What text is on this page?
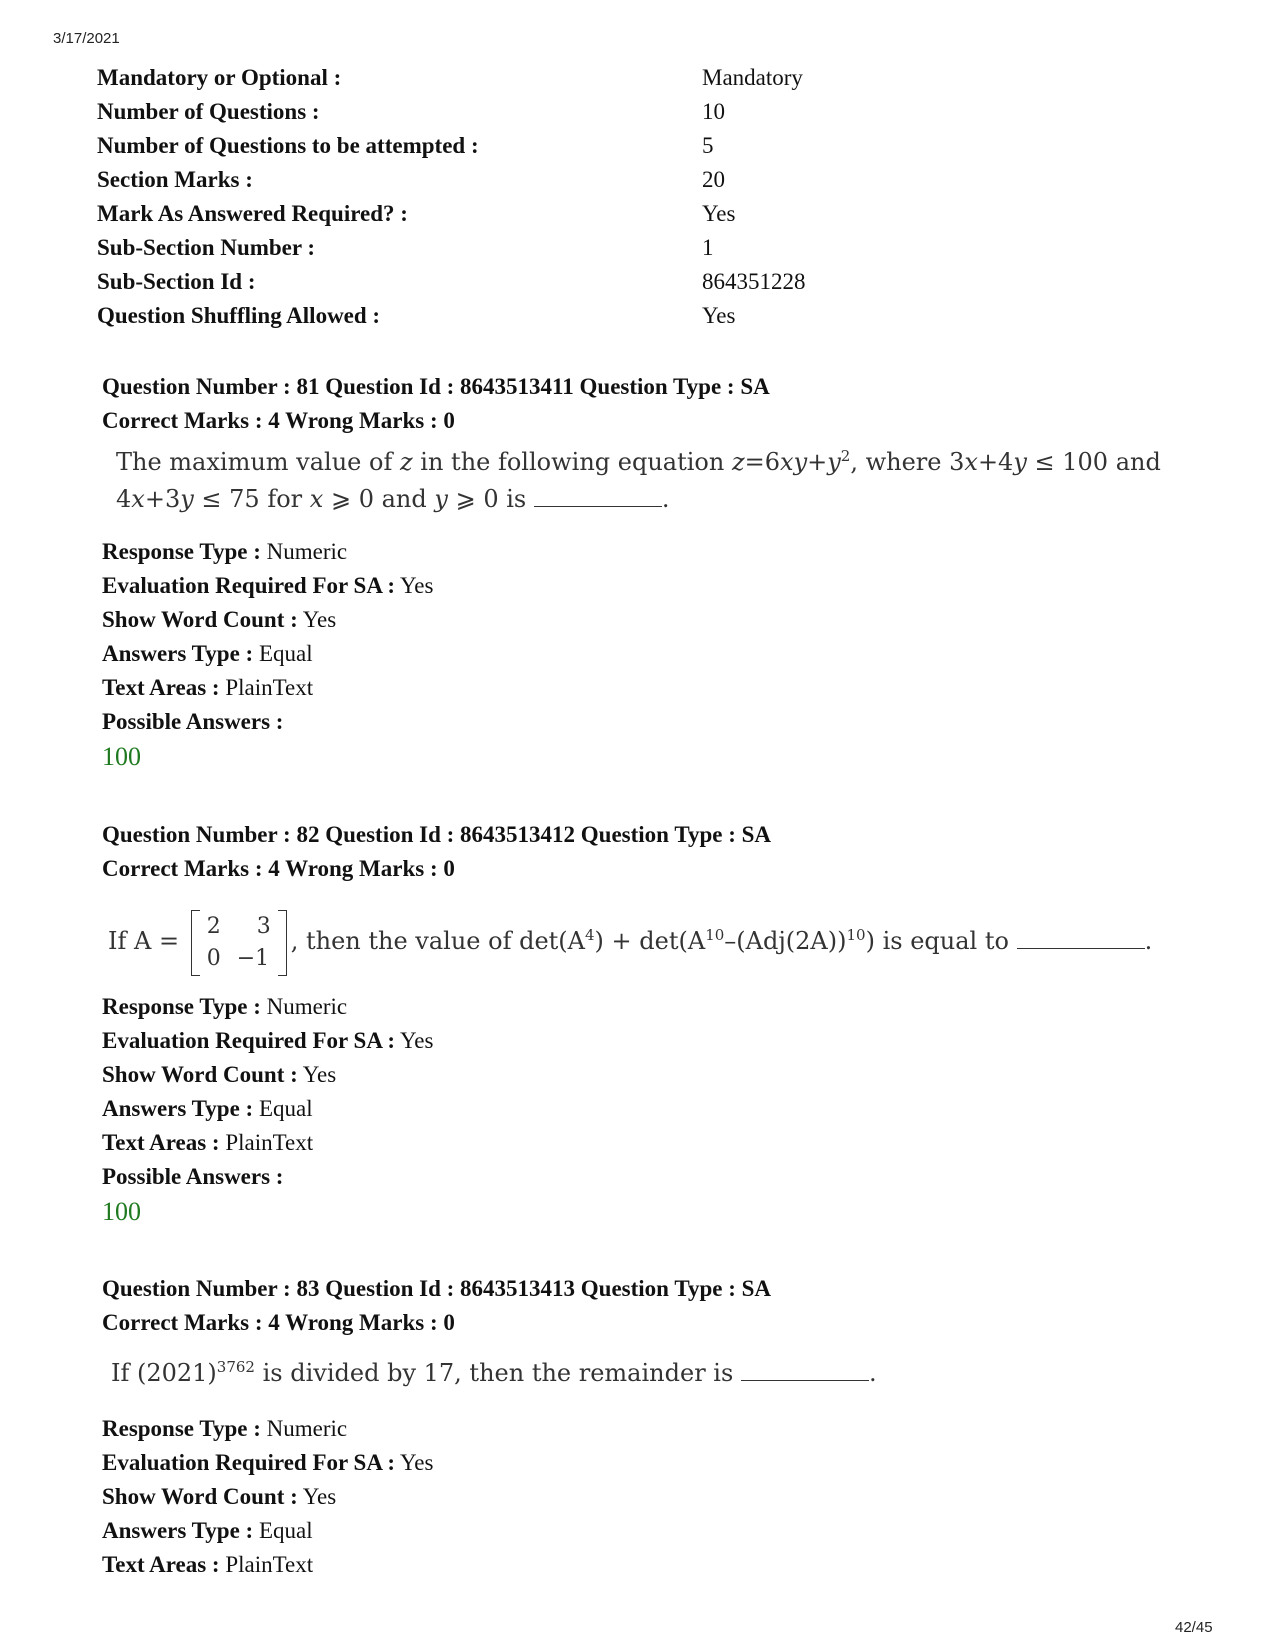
3/17/2021
Mandatory or Optional :	Mandatory
Number of Questions :	10
Number of Questions to be attempted :	5
Section Marks :	20
Mark As Answered Required? :	Yes
Sub-Section Number :	1
Sub-Section Id :	864351228
Question Shuffling Allowed :	Yes
Question Number : 81 Question Id : 8643513411 Question Type : SA
Correct Marks : 4 Wrong Marks : 0
The maximum value of z in the following equation $z=6xy+y^2$, where 3x+4y ≤ 100 and
4x+3y ≤ 75 for x ⩾ 0 and y ⩾ 0 is	.
Response Type : Numeric
Evaluation Required For SA : Yes
Show Word Count : Yes
Answers Type : Equal
Text Areas : PlainText
Possible Answers :
100
Question Number : 82 Question Id : 8643513412 Question Type : SA
Correct Marks : 4 Wrong Marks : 0
If A =
2 3
0 −1
, then the value of $\det(A^4) + \det(A^{10}-(Adj(2A))^{10})$ is equal to	.
Response Type : Numeric
Evaluation Required For SA : Yes
Show Word Count : Yes
Answers Type : Equal
Text Areas : PlainText
Possible Answers :
100
Question Number : 83 Question Id : 8643513413 Question Type : SA
Correct Marks : 4 Wrong Marks : 0
If $(2021)^{3762}$ is divided by 17, then the remainder is	.
Response Type : Numeric
Evaluation Required For SA : Yes
Show Word Count : Yes
Answers Type : Equal
Text Areas : PlainText
42/45
